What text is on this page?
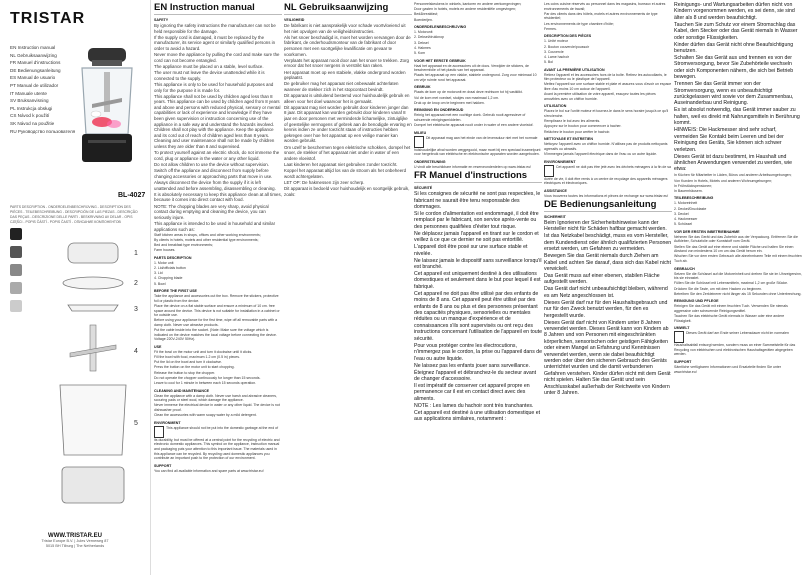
TRISTAR
EN Instruction manual
NL Gebruiksaanwijzing
FR Manuel d'instructions
DE Bedienungsanleitung
ES Manual de usuario
PT Manual de utilizador
IT Manuale utente
SV Bruksanvisning
PL Instrukcja obsługi
CS Návod k použití
SK Návod na použitie
RU Руководство пользователя
BL-4027
PARTS DESCRIPTION - ONDERDELENBESCHRIJVING - DESCRIPTION DES PIÈCES - TEILEBESCHREIBUNG - DESCRIPCIÓN DE LAS PIEZAS - DESCRIÇÃO DAS PEÇAS - DESCRIZIONE DELLE PARTI - BESKRIVNING AV DELAR - OPIS CZĘŚCI - POPIS ČÁSTÍ - POPIS ČASTÍ - ОПИСАНИЕ КОМПОНЕНТОВ
1
2
3
4
5
WWW.TRISTAR.EU
Tristar Europe B.V. | Jules Verneweg 87
5015 BH Tilburg | The Netherlands
EN Instruction manual
SAFETY

By ignoring the safety instructions the manufacturer can not be held responsible for the damage.

If the supply cord is damaged, it must be replaced by the manufacturer, its service agent or similarly qualified persons in order to avoid a hazard.

Never move the appliance by pulling the cord and make sure the cord can not become entangled.

The appliance must be placed on a stable, level surface.

The user must not leave the device unattended while it is connected to the supply.

This appliance is only to be used for household purposes and only for the purpose it is made for.

This appliance shall not be used by children aged less than 8 years. This appliance can be used by children aged from 8 years and above and persons with reduced physical, sensory or mental capabilities or lack of experience and knowledge if they have been given supervision or instruction concerning use of the appliance in a safe way and understand the hazards involved. Children shall not play with the appliance. Keep the appliance and its cord out of reach of children aged less than 8 years. Cleaning and user maintenance shall not be made by children unless they are older than 8 and supervised.

To protect yourself against an electric shock, do not immerse the cord, plug or appliance in the water or any other liquid.

Do not allow children to use the device without supervision.

Switch off the appliance and disconnect from supply before changing accessories or approaching parts that move in use.

Always disconnect the device from the supply if it is left unattended and before assembling, disassembling or cleaning.

It is absolutely necessary to keep this appliance clean at all times, because it comes into direct contact with food.

NOTE: The chopping blades are very sharp, avoid physical contact during emptying and cleaning the device, you can seriously injure.

This appliance is intended to be used in household and similar applications such as:

Staff kitchen areas in shops, offices and other working environments;

By clients in hotels, motels and other residential type environments;

Bed and breakfast type environments;

Farm houses.

PARTS DESCRIPTION

1. Motor unit

2. Lid/officials button

3. Lid

4. Chopping blade

5. Bowl

BEFORE THE FIRST USE

Take the appliance and accessories out the box. Remove the stickers, protective foil or plastic from the device.

Place the device on a flat stable surface and ensure a minimum of 10 cm. free space around the device. This device is not suitable for installation in a cabinet or for outside use.

Before using your appliance for the first time, wipe off all removable parts with a damp cloth. Never use abrasive products.

Put the cable inside into the socket. (Note: Make sure the voltage which is indicated on the device matches the local voltage before connecting the device. Voltage 220V-240V 50Hz).

USE

Fit the bowl on the motor unit and turn it clockwise until it clicks.

Fill the bowl with food, maximum 1.2 cm (0.5 in) pieces.

Put the lid on the bowl and turn it clockwise.

Press the button on the motor unit to start chopping.

Release the button to stop the chopper.

Do not operate the chopper continuously for longer than 15 seconds.

Leave to cool for 1 minute in between each 15 seconds operation.

CLEANING AND MAINTENANCE

Clean the appliance with a damp cloth. Never use harsh and abrasive cleaners, scouring pads or steel wool, which damage the appliance.

Never immerse the electrical device in water or any other liquid. The device is not dishwasher proof.

Clean the accessories with warm soapy water by a mild detergent.

ENVIRONMENT

This appliance should not be put into the domestic garbage at the end of its durability, but must be offered at a central point for the recycling of electric and electronic domestic appliances. This symbol on the appliance, instruction manual and packaging puts your attention to this important issue. The materials used in this appliance can be recycled. By recycling used domestic appliances you contribute an important push to the protection of our environment.

SUPPORT

You can find all available information and spare parts at www.tristar.eu!

NL Gebruiksaanwijzing
VEILIGHEID

De fabrikant is niet aansprakelijk voor schade voortvloeiend uit het niet opvolgen van de veiligheidsinstructies.

Als het snoer beschadigd is, moet het worden vervangen door de fabrikant, de onderhoudsmonteur van de fabrikant of door personen met een soortgelijke kwalificatie om gevaar te voorkomen.

Verplaats het apparaat nooit door aan het snoer te trekken. Zorg ervoor dat het snoer nergens in verstrikt kan raken.

Het apparaat moet op een stabiele, vlakke ondergrond worden geplaatst.

De gebruiker mag het apparaat niet onbewaakt achterlaten wanneer de stekker zich in het stopcontact bevindt.

Dit apparaat is uitsluitend bestemd voor huishoudelijk gebruik en alleen voor het doel waarvoor het is gemaakt.

Dit apparaat mag niet worden gebruikt door kinderen jonger dan 8 jaar. Dit apparaat kan worden gebruikt door kinderen vanaf 8 jaar en door personen met verminderde lichamelijke, zintuiglijke of geestelijke vermogens of gebrek aan de benodigde ervaring en kennis indien ze onder toezicht staan of instructies hebben gekregen over hoe het apparaat op een veilige manier kan worden gebruikt.

Om uzelf te beschermen tegen elektrische schokken, dompel het snoer, de stekker of het apparaat niet onder in water of een andere vloeistof.

Laat kinderen het apparaat niet gebruiken zonder toezicht.

Koppel het apparaat altijd los van de stroom als het onbeheerd wordt achtergelaten.

LET OP: De hakmessen zijn zeer scherp.

Dit apparaat is bedoeld voor huishoudelijk en soortgelijk gebruik, zoals:

Personeelskeukens in winkels, kantoren en andere werkomgevingen;

Door gasten in hotels, motels en andere residentiële omgevingen;

Bed&breakfast;

Boerderijen.

ONDERDELENBESCHRIJVING

1. Motorunit

2. Deksel/drukknop

3. Deksel

4. Hakmes

5. Kom

VOOR HET EERSTE GEBRUIK

Haal het apparaat en de accessoires uit de doos. Verwijder de stickers, de beschermfolie of het plastic van het apparaat.

Plaats het apparaat op een vlakke, stabiele ondergrond. Zorg voor minimaal 10 cm vrije ruimte rond het apparaat.

GEBRUIK

Plaats de kom op de motorunit en draai deze rechtsom tot hij vastklikt.

Vul de kom met voedsel, stukjes van maximaal 1,2 cm.

Druk op de knop om te beginnen met hakken.

REINIGING EN ONDERHOUD

Reinig het apparaat met een vochtige doek. Gebruik nooit agressieve of schurende reinigingsmiddelen.

Dompel het elektrische apparaat nooit onder in water of een andere vloeistof.

MILIEU

Dit apparaat mag aan het einde van de levensduur niet met het normale huishoudelijke afval worden weggegooid, maar moet bij een speciaal inzamelpunt voor hergebruik van elektrische en elektronische apparaten worden aangeboden.

ONDERSTEUNING

U vindt alle beschikbare informatie en reserveonderdelen op www.tristar.eu!

FR Manuel d'instructions
SÉCURITÉ

Si les consignes de sécurité ne sont pas respectées, le fabricant ne saurait être tenu responsable des dommages.

Si le cordon d'alimentation est endommagé, il doit être remplacé par le fabricant, son service après-vente ou des personnes qualifiées d'éviter tout risque.

Ne déplacez jamais l'appareil en tirant sur le cordon et veillez à ce que ce dernier ne soit pas entortillé.

L'appareil doit être posé sur une surface stable et nivelée.

Ne laissez jamais le dispositif sans surveillance lorsqu'il est branché.

Cet appareil est uniquement destiné à des utilisations domestiques et seulement dans le but pour lequel il est fabriqué.

Cet appareil ne doit pas être utilisé par des enfants de moins de 8 ans. Cet appareil peut être utilisé par des enfants de 8 ans ou plus et des personnes présentant des capacités physiques, sensorielles ou mentales réduites ou un manque d'expérience et de connaissances s'ils sont supervisés ou ont reçu des instructions concernant l'utilisation de l'appareil en toute sécurité.

Pour vous protéger contre les électrocutions, n'immergez pas le cordon, la prise ou l'appareil dans de l'eau ou autre liquide.

Ne laissez pas les enfants jouer sans surveillance.

Éteignez l'appareil et débranchez-le du secteur avant de changer d'accessoire.

Il est impératif de conserver cet appareil propre en permanence car il est en contact direct avec des aliments.

NOTE : Les lames du hachoir sont très tranchantes.

Cet appareil est destiné à une utilisation domestique et aux applications similaires, notamment :

Les coins cuisine réservés au personnel dans les magasins, bureaux et autres environnements de travail;

Par des clients dans des hôtels, motels et autres environnements de type résidentiel;

Les environnements de type chambre d'hôte;

Fermes.

DESCRIPTION DES PIÈCES

1. Unité moteur

2. Bouton couvercle/poussoir

3. Couvercle

4. Lame hachoir

5. Bol

AVANT LA PREMIÈRE UTILISATION

Retirez l'appareil et les accessoires hors de la boîte. Retirez les autocollants, le film protecteur ou le plastique de l'appareil.

Mettez l'appareil sur une surface stable et plate et assurez-vous d'avoir un espace libre d'au moins 10 cm autour de l'appareil.

Avant la première utilisation de votre appareil, essuyez toutes les pièces amovibles avec un chiffon humide.

UTILISATION

Placez le bol sur l'unité moteur et tournez-le dans le sens horaire jusqu'à ce qu'il s'enclenche.

Remplissez le bol avec les aliments.

Appuyez sur le bouton pour commencer à hacher.

Relâchez le bouton pour arrêter le hachoir.

NETTOYAGE ET ENTRETIEN

Nettoyez l'appareil avec un chiffon humide. N'utilisez pas de produits nettoyants agressifs ou abrasifs.

N'immergez jamais l'appareil électrique dans de l'eau ou un autre liquide.

ENVIRONNEMENT

Cet appareil ne doit pas être jeté avec les déchets ménagers à la fin de sa durée de vie, il doit être remis à un centre de recyclage des appareils ménagers électriques et électroniques.

ASSISTANCE

Vous trouverez toutes les informations et pièces de rechange sur www.tristar.eu!

DE Bedienungsanleitung
SICHERHEIT

Beim Ignorieren der Sicherheitshinweise kann der Hersteller nicht für Schäden haftbar gemacht werden.

Ist das Netzkabel beschädigt, muss es vom Hersteller, dem Kundendienst oder ähnlich qualifizierten Personen ersetzt werden, um Gefahren zu vermeiden.

Bewegen Sie das Gerät niemals durch Ziehen am Kabel und achten Sie darauf, dass sich das Kabel nicht verwickelt.

Das Gerät muss auf einer ebenen, stabilen Fläche aufgestellt werden.

Das Gerät darf nicht unbeaufsichtigt bleiben, während es am Netz angeschlossen ist.

Dieses Gerät darf nur für den Haushaltsgebrauch und nur für den Zweck benutzt werden, für den es hergestellt wurde.

Dieses Gerät darf nicht von Kindern unter 8 Jahren verwendet werden. Dieses Gerät kann von Kindern ab 8 Jahren und von Personen mit eingeschränkten körperlichen, sensorischen oder geistigen Fähigkeiten oder einem Mangel an Erfahrung und Kenntnissen verwendet werden, wenn sie dabei beaufsichtigt werden oder über den sicheren Gebrauch des Geräts unterrichtet wurden und die damit verbundenen Gefahren verstehen. Kinder dürfen nicht mit dem Gerät nicht spielen. Halten Sie das Gerät und sein Anschlusskabel außerhalb der Reichweite von Kindern unter 8 Jahren.

Reinigungs- und Wartungsarbeiten dürfen nicht von Kindern vorgenommen werden, es sei denn, sie sind älter als 8 und werden beaufsichtigt.

Tauchen Sie zum Schutz vor einem Stromschlag das Kabel, den Stecker oder das Gerät niemals in Wasser oder sonstige Flüssigkeiten.

Kinder dürfen das Gerät nicht ohne Beaufsichtigung benutzen.

Schalten Sie das Gerät aus und trennen es von der Stromversorgung, bevor Sie Zubehörteile wechseln oder sich Komponenten nähern, die sich bei Betrieb bewegen.

Trennen Sie das Gerät immer von der Stromversorgung, wenn es unbeaufsichtigt zurückgelassen wird sowie vor dem Zusammenbau, Auseinanderbau und Reinigung.

Es ist absolut notwendig, das Gerät immer sauber zu halten, weil es direkt mit Nahrungsmitteln in Berührung kommt.

HINWEIS: Die Hackmesser sind sehr scharf, vermeiden Sie Kontakt beim Leeren und bei der Reinigung des Geräts, Sie können sich schwer verletzen.

Dieses Gerät ist dazu bestimmt, im Haushalt und ähnlichen Anwendungen verwendet zu werden, wie etwa:

In Küchen für Mitarbeiter in Läden, Büros und anderen Arbeitsumgebungen;

Von Kunden in Hotels, Motels und anderen Wohnumgebungen;

In Frühstückspensionen;

In Bauernhäusern.

TEILEBESCHREIBUNG

1. Motoreinheit

2. Deckel/Drucktaste

3. Deckel

4. Hackmesser

5. Schüssel

VOR DER ERSTEN INBETRIEBNAHME

Nehmen Sie das Gerät und das Zubehör aus der Verpackung. Entfernen Sie die Aufkleber, Schutzfolie oder Kunststoff vom Gerät.

Stellen Sie das Gerät auf eine ebene und stabile Fläche und halten Sie einen Abstand von mindestens 10 cm um das Gerät herum ein.

Wischen Sie vor dem ersten Gebrauch alle abnehmbaren Teile mit einem feuchten Tuch ab.

GEBRAUCH

Setzen Sie die Schüssel auf die Motoreinheit und drehen Sie sie im Uhrzeigersinn, bis sie einrastet.

Füllen Sie die Schüssel mit Lebensmitteln, maximal 1,2 cm große Stücke.

Drücken Sie die Taste, um mit dem Hacken zu beginnen.

Betreiben Sie den Zerkleinerer nicht länger als 15 Sekunden ohne Unterbrechung.

REINIGUNG UND PFLEGE

Reinigen Sie das Gerät mit einem feuchten Tuch. Verwenden Sie niemals aggressive oder scheuernde Reinigungsmittel.

Tauchen Sie das elektrische Gerät niemals in Wasser oder eine andere Flüssigkeit.

UMWELT

Dieses Gerät darf am Ende seiner Lebensdauer nicht im normalen Haushaltsabfall entsorgt werden, sondern muss an einer Sammelstelle für das Recycling von elektrischen und elektronischen Haushaltsgeräten abgegeben werden.

SUPPORT

Sämtliche verfügbaren Informationen und Ersatzteile finden Sie unter www.tristar.eu!
